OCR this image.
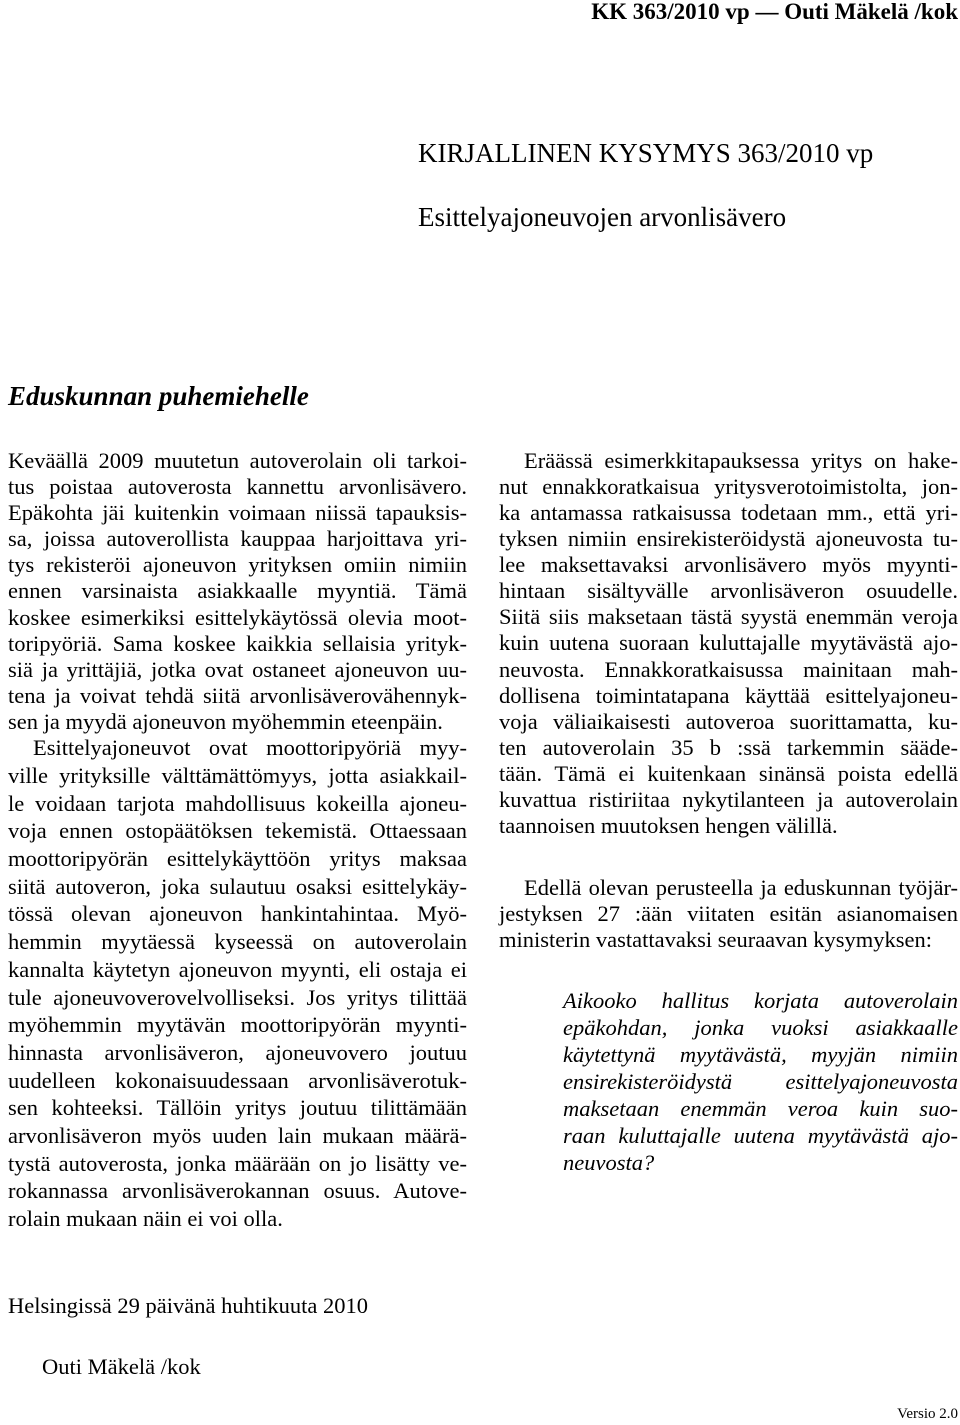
KK 363/2010 vp — Outi Mäkelä /kok
KIRJALLINEN KYSYMYS 363/2010 vp
Esittelyajoneuvojen arvonlisävero
Eduskunnan puhemiehelle
Keväällä 2009 muutetun autoverolain oli tarkoi-
tus poistaa autoverosta kannettu arvonlisävero.
Epäkohta jäi kuitenkin voimaan niissä tapauksis-
sa, joissa autoverollista kauppaa harjoittava yri-
tys rekisteröi ajoneuvon yrityksen omiin nimiin
ennen varsinaista asiakkaalle myyntiä. Tämä
koskee esimerkiksi esittelykäytössä olevia moot-
toripyöriä. Sama koskee kaikkia sellaisia yrityk-
siä ja yrittäjiä, jotka ovat ostaneet ajoneuvon uu-
tena ja voivat tehdä siitä arvonlisäverovähennyk-
sen ja myydä ajoneuvon myöhemmin eteenpäin.
Esittelyajoneuvot ovat moottoripyöriä myy-
ville yrityksille välttämättömyys, jotta asiakkail-
le voidaan tarjota mahdollisuus kokeilla ajoneu-
voja ennen ostopäätöksen tekemistä. Ottaessaan
moottoripyörän esittelykäyttöön yritys maksaa
siitä autoveron, joka sulautuu osaksi esittelykäy-
tössä olevan ajoneuvon hankintahintaa. Myö-
hemmin myytäessä kyseessä on autoverolain
kannalta käytetyn ajoneuvon myynti, eli ostaja ei
tule ajoneuvoverovelvolliseksi. Jos yritys tilittää
myöhemmin myytävän moottoripyörän myynti-
hinnasta arvonlisäveron, ajoneuvovero joutuu
uudelleen kokonaisuudessaan arvonlisäverotuk-
sen kohteeksi. Tällöin yritys joutuu tilittämään
arvonlisäveron myös uuden lain mukaan määrä-
tystä autoverosta, jonka määrään on jo lisätty ve-
rokannassa arvonlisäverokannan osuus. Autove-
rolain mukaan näin ei voi olla.
Eräässä esimerkkitapauksessa yritys on hake-
nut ennakkoratkaisua yritysverotoimistolta, jon-
ka antamassa ratkaisussa todetaan mm., että yri-
tyksen nimiin ensirekisteröidystä ajoneuvosta tu-
lee maksettavaksi arvonlisävero myös myynti-
hintaan sisältyvälle arvonlisäveron osuudelle.
Siitä siis maksetaan tästä syystä enemmän veroja
kuin uutena suoraan kuluttajalle myytävästä ajo-
neuvosta. Ennakkoratkaisussa mainitaan mah-
dollisena toimintatapana käyttää esittelyajoneu-
voja väliaikaisesti autoveroa suorittamatta, ku-
ten autoverolain 35 b :ssä tarkemmin sääde-
tään. Tämä ei kuitenkaan sinänsä poista edellä
kuvattua ristiriitaa nykytilanteen ja autoverolain
taannoisen muutoksen hengen välillä.
Edellä olevan perusteella ja eduskunnan työjär-
jestyksen 27 :ään viitaten esitän asianomaisen
ministerin vastattavaksi seuraavan kysymyksen:
Aikooko hallitus korjata autoverolain
epäkohdan, jonka vuoksi asiakkaalle
käytettynä myytävästä, myyjän nimiin
ensirekisteröidystä esittelyajoneuvosta
maksetaan enemmän veroa kuin suo-
raan kuluttajalle uutena myytävästä ajo-
neuvosta?
Helsingissä 29 päivänä huhtikuuta 2010
Outi Mäkelä /kok
Versio 2.0
